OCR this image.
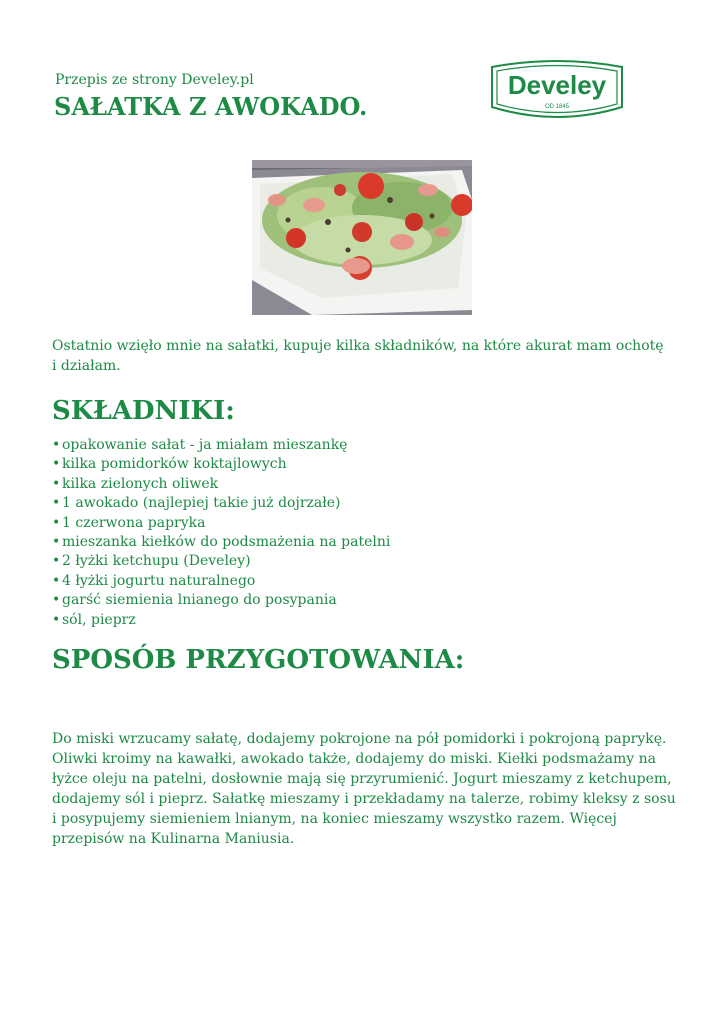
Przepis ze strony Develey.pl
SAŁATKA Z AWOKADO.
Develey
OD 1845

Ostatnio wzięło mnie na sałatki, kupuje kilka składników, na które akurat mam ochotę i działam.

SKŁADNIKI:
• opakowanie sałat - ja miałam mieszankę
• kilka pomidorków koktajlowych
• kilka zielonych oliwek
• 1 awokado (najlepiej takie już dojrzałe)
• 1 czerwona papryka
• mieszanka kiełków do podsmażenia na patelni
• 2 łyżki ketchupu (Develey)
• 4 łyżki jogurtu naturalnego
• garść siemienia lnianego do posypania
• sól, pieprz
SPOSÓB PRZYGOTOWANIA:

Do miski wrzucamy sałatę, dodajemy pokrojone na pół pomidorki i pokrojoną paprykę. Oliwki kroimy na kawałki, awokado także, dodajemy do miski. Kiełki podsmażamy na łyżce oleju na patelni, dosłownie mają się przyrumienić. Jogurt mieszamy z ketchupem, dodajemy sól i pieprz. Sałatkę mieszamy i przekładamy na talerze, robimy kleksy z sosu i posypujemy siemieniem lnianym, na koniec mieszamy wszystko razem. Więcej przepisów na Kulinarna Maniusia.
